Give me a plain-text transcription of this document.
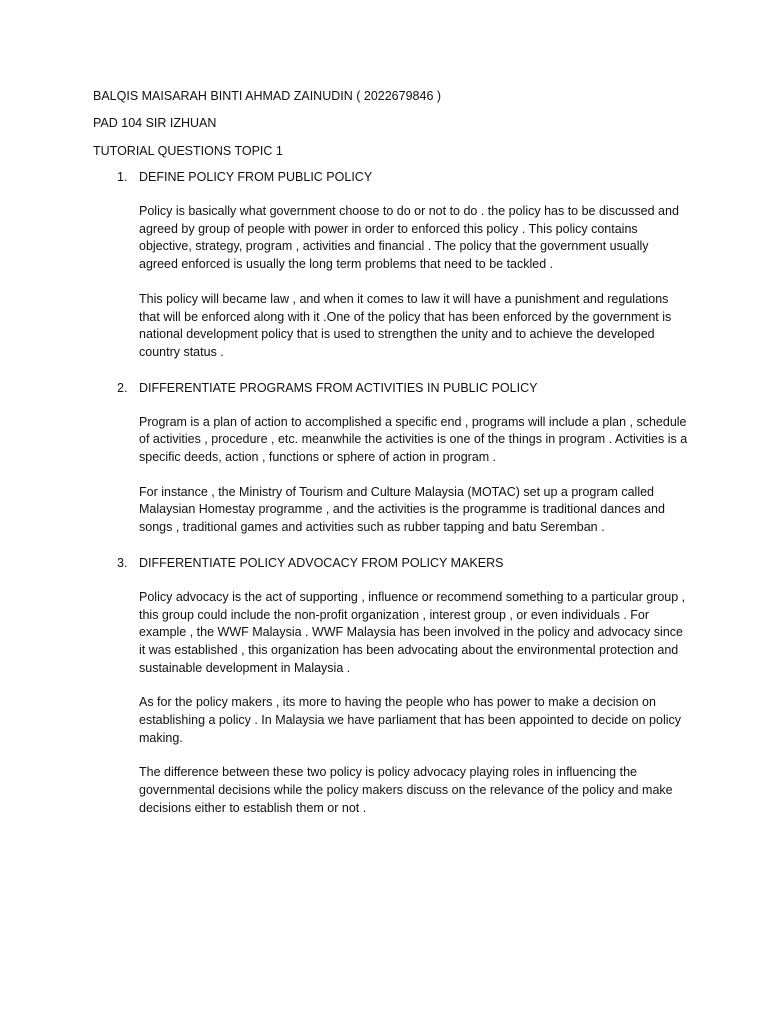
BALQIS MAISARAH BINTI AHMAD ZAINUDIN ( 2022679846 )
PAD 104 SIR IZHUAN
TUTORIAL QUESTIONS TOPIC 1
1. DEFINE POLICY FROM PUBLIC POLICY

Policy is basically what government choose to do or not to do . the policy has to be discussed and agreed by group of people with power in order to enforced this policy . This policy contains objective, strategy, program , activities and financial . The policy that the government usually agreed enforced is usually the long term problems that need to be tackled .

This policy will became law , and when it comes to law it will have a punishment and regulations that will be enforced along with it .One of the policy that has been enforced by the government is national development policy that is used to strengthen the unity and to achieve the developed country status .

2. DIFFERENTIATE PROGRAMS FROM ACTIVITIES IN PUBLIC POLICY

Program is a plan of action to accomplished a specific end , programs will include a plan , schedule of activities , procedure , etc. meanwhile the activities is one of the things in program . Activities is a specific deeds, action , functions or sphere of action in program .

For instance , the Ministry of Tourism and Culture Malaysia (MOTAC) set up a program called Malaysian Homestay programme , and the activities is the programme is traditional dances and songs , traditional games and activities such as rubber tapping and batu Seremban .

3. DIFFERENTIATE POLICY ADVOCACY FROM POLICY MAKERS

Policy advocacy is the act of supporting , influence or recommend something to a particular group , this group could include the non-profit organization , interest group , or even individuals . For example , the WWF Malaysia . WWF Malaysia has been involved in the policy and advocacy since it was established , this organization has been advocating about the environmental protection and sustainable development in Malaysia .

As for the policy makers , its more to having the people who has power to make a decision on establishing a policy . In Malaysia we have parliament that has been appointed to decide on policy making.

The difference between these two policy is policy advocacy playing roles in influencing the governmental decisions while the policy makers discuss on the relevance of the policy and make decisions either to establish them or not .
